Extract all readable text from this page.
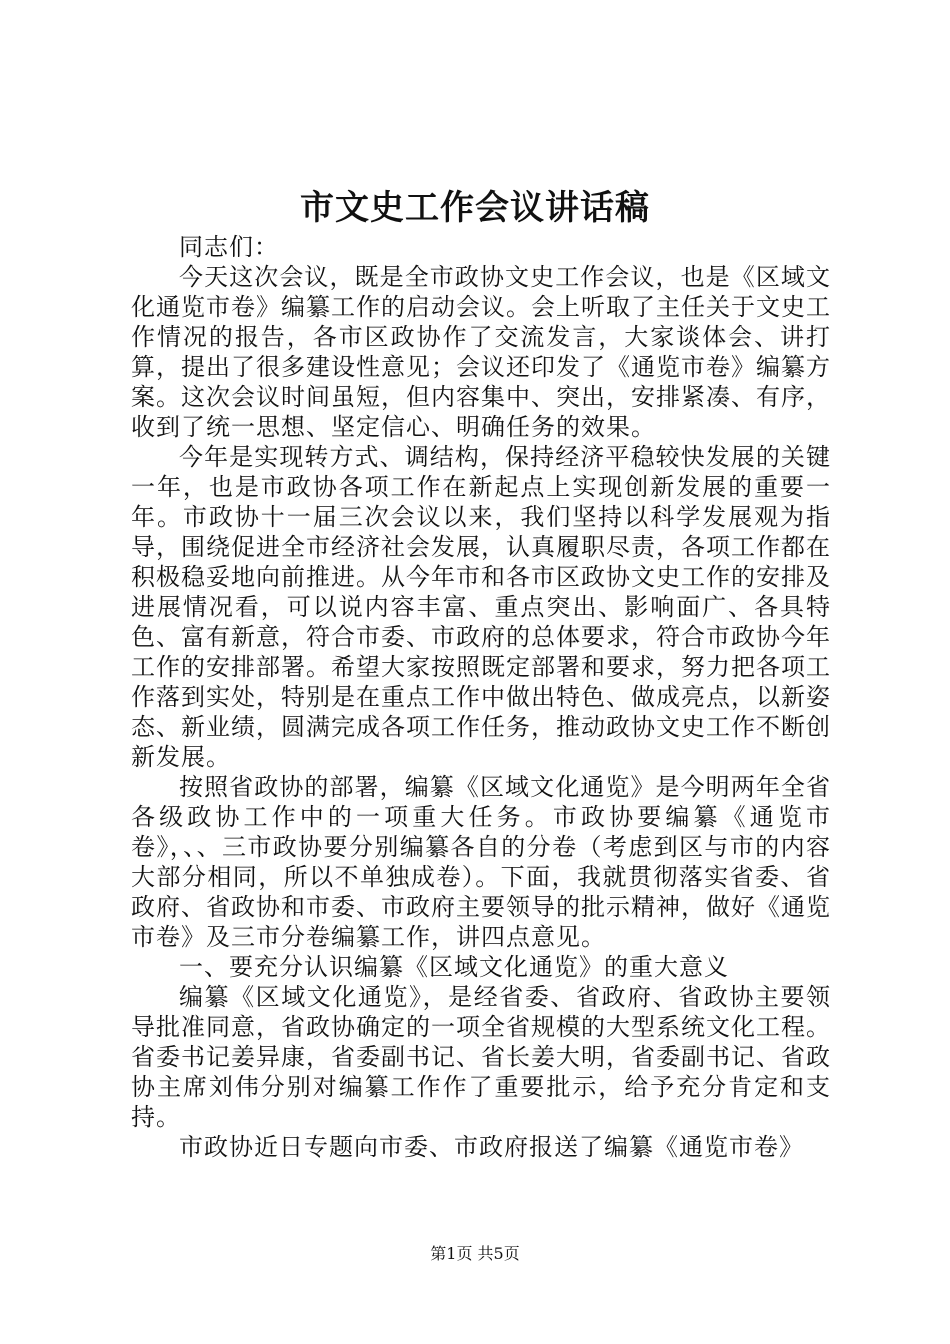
市文史工作会议讲话稿

同志们：

今天这次会议，既是全市政协文史工作会议，也是《区域文化通览市卷》编纂工作的启动会议。会上听取了主任关于文史工作情况的报告，各市区政协作了交流发言，大家谈体会、讲打算，提出了很多建设性意见；会议还印发了《通览市卷》编纂方案。这次会议时间虽短，但内容集中、突出，安排紧凑、有序，收到了统一思想、坚定信心、明确任务的效果。

今年是实现转方式、调结构，保持经济平稳较快发展的关键一年，也是市政协各项工作在新起点上实现创新发展的重要一年。市政协十一届三次会议以来，我们坚持以科学发展观为指导，围绕促进全市经济社会发展，认真履职尽责，各项工作都在积极稳妥地向前推进。从今年市和各市区政协文史工作的安排及进展情况看，可以说内容丰富、重点突出、影响面广、各具特色、富有新意，符合市委、市政府的总体要求，符合市政协今年工作的安排部署。希望大家按照既定部署和要求，努力把各项工作落到实处，特别是在重点工作中做出特色、做成亮点，以新姿态、新业绩，圆满完成各项工作任务，推动政协文史工作不断创新发展。

按照省政协的部署，编纂《区域文化通览》是今明两年全省各级政协工作中的一项重大任务。市政协要编纂《通览市卷》，、、三市政协要分别编纂各自的分卷（考虑到区与市的内容大部分相同，所以不单独成卷）。下面，我就贯彻落实省委、省政府、省政协和市委、市政府主要领导的批示精神，做好《通览市卷》及三市分卷编纂工作，讲四点意见。

一、要充分认识编纂《区域文化通览》的重大意义

编纂《区域文化通览》，是经省委、省政府、省政协主要领导批准同意，省政协确定的一项全省规模的大型系统文化工程。省委书记姜异康，省委副书记、省长姜大明，省委副书记、省政协主席刘伟分别对编纂工作作了重要批示，给予充分肯定和支持。

市政协近日专题向市委、市政府报送了编纂《通览市卷》

第1页 共5页
